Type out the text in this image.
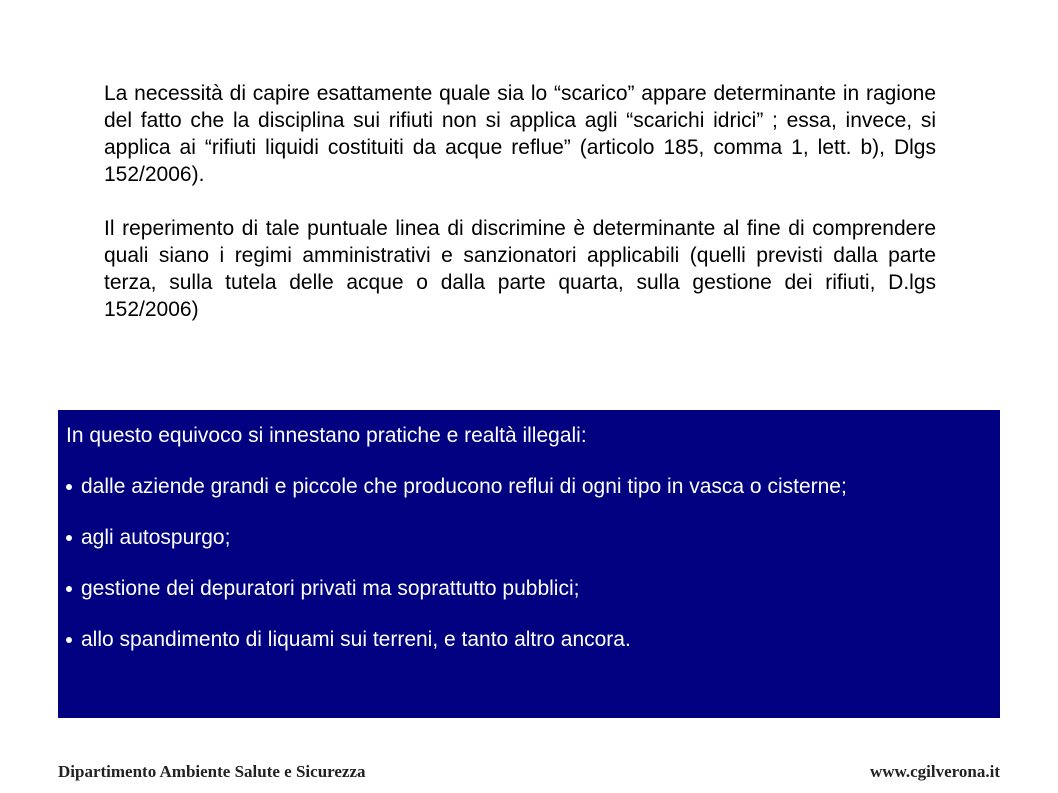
La necessità di capire esattamente quale sia lo “scarico” appare determinante in ragione del fatto che la disciplina sui rifiuti non si applica agli “scarichi idrici” ; essa, invece, si applica ai “rifiuti liquidi costituiti da acque reflue” (articolo 185, comma 1, lett. b), Dlgs 152/2006).

Il reperimento di tale puntuale linea di discrimine è determinante al fine di comprendere quali siano i regimi amministrativi e sanzionatori applicabili (quelli previsti dalla parte terza, sulla tutela delle acque o dalla parte quarta, sulla gestione dei rifiuti, D.lgs 152/2006)

In questo equivoco si innestano pratiche e realtà illegali:

dalle aziende grandi e piccole che producono reflui di ogni tipo in vasca o cisterne;
agli autospurgo;
gestione dei depuratori privati ma soprattutto pubblici;
allo spandimento di liquami sui terreni, e tanto altro ancora.
Dipartimento Ambiente Salute e Sicurezza	www.cgilverona.it
